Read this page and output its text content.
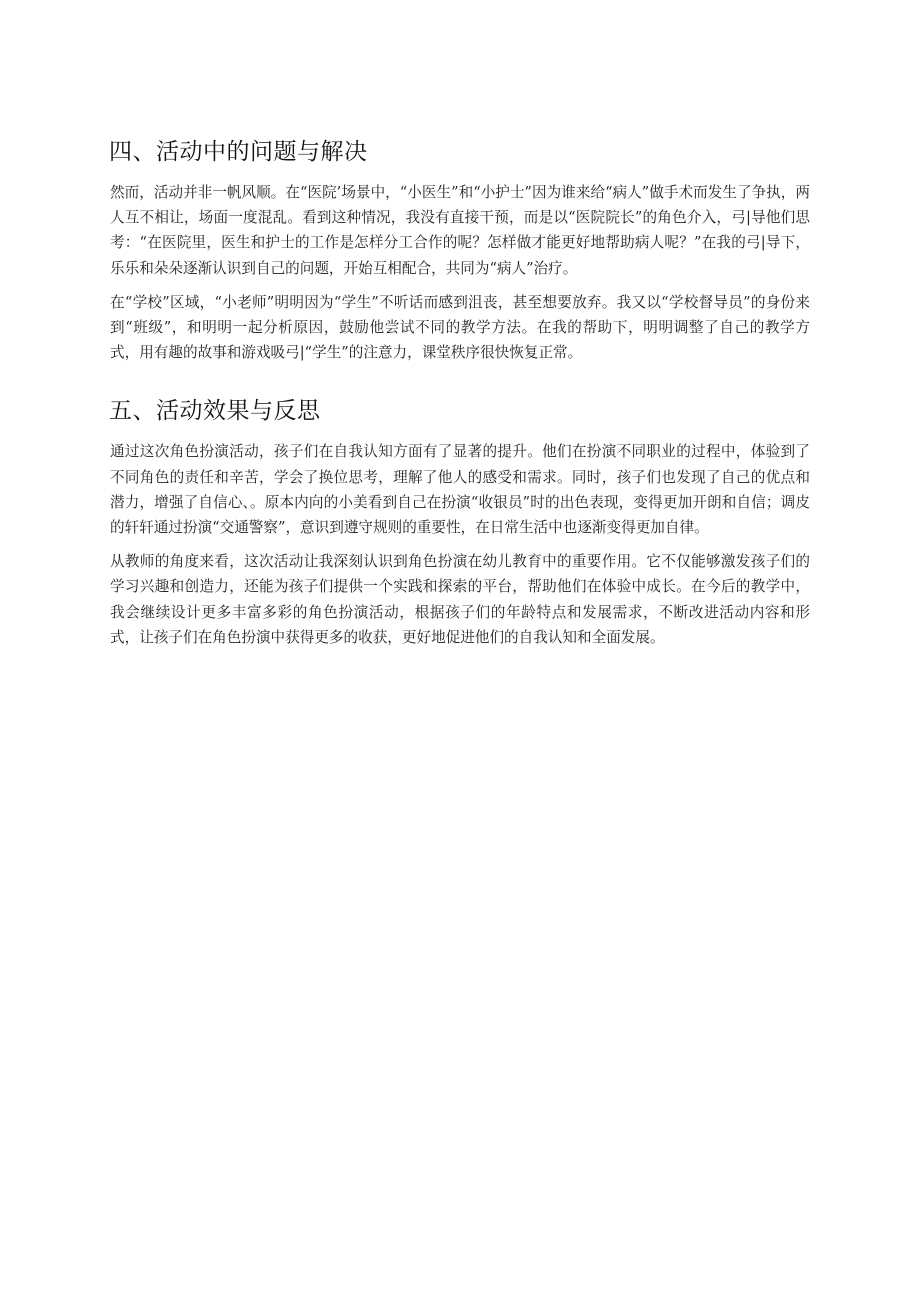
四、活动中的问题与解决

然而，活动并非一帆风顺。在“医院’场景中，“小医生”和“小护士”因为谁来给“病人”做手术而发生了争执，两人互不相让，场面一度混乱。看到这种情况，我没有直接干预，而是以“医院院长”的角色介入，弓|导他们思考：“在医院里，医生和护士的工作是怎样分工合作的呢？怎样做才能更好地帮助病人呢？”在我的弓|导下，乐乐和朵朵逐渐认识到自己的问题，开始互相配合，共同为“病人”治疗。

在“学校”区域，“小老师”明明因为“学生”不听话而感到沮丧，甚至想要放弃。我又以“学校督导员”的身份来到“班级”，和明明一起分析原因，鼓励他尝试不同的教学方法。在我的帮助下，明明调整了自己的教学方式，用有趣的故事和游戏吸弓|“学生”的注意力，课堂秩序很快恢复正常。

五、活动效果与反思

通过这次角色扮演活动，孩子们在自我认知方面有了显著的提升。他们在扮演不同职业的过程中，体验到了不同角色的责任和辛苦，学会了换位思考，理解了他人的感受和需求。同时，孩子们也发现了自己的优点和潜力，增强了自信心、。原本内向的小美看到自己在扮演“收银员”时的出色表现，变得更加开朗和自信；调皮的轩轩通过扮演“交通警察”，意识到遵守规则的重要性，在日常生活中也逐渐变得更加自律。

从教师的角度来看，这次活动让我深刻认识到角色扮演在幼儿教育中的重要作用。它不仅能够激发孩子们的学习兴趣和创造力，还能为孩子们提供一个实践和探索的平台，帮助他们在体验中成长。在今后的教学中，我会继续设计更多丰富多彩的角色扮演活动，根据孩子们的年龄特点和发展需求，不断改进活动内容和形式，让孩子们在角色扮演中获得更多的收获，更好地促进他们的自我认知和全面发展。
